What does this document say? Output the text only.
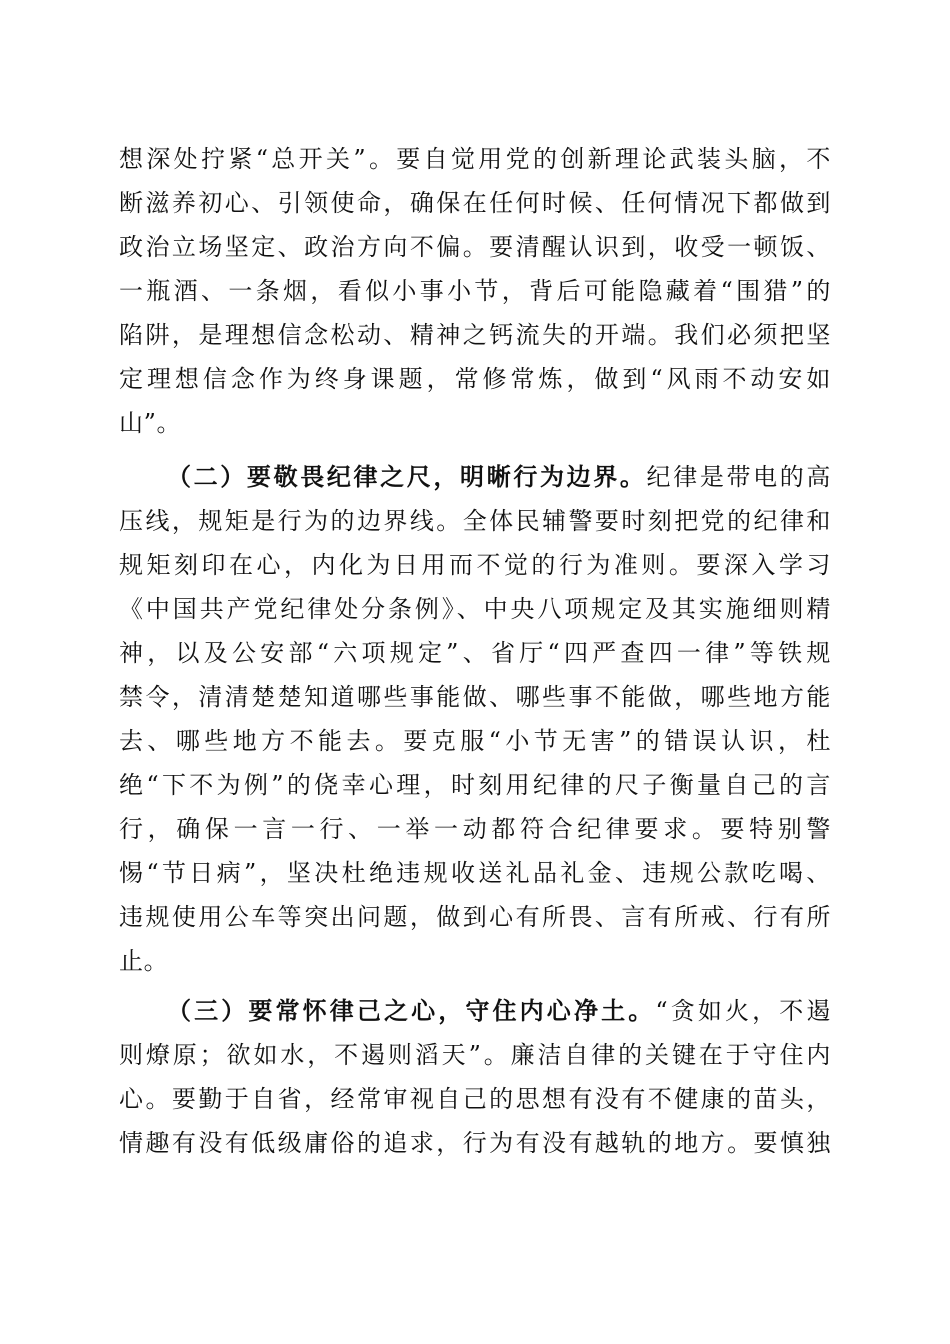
想深处拧紧“总开关”。要自觉用党的创新理论武装头脑，不
断滋养初心、引领使命，确保在任何时候、任何情况下都做到
政治立场坚定、政治方向不偏。要清醒认识到，收受一顿饭、
一瓶酒、一条烟，看似小事小节，背后可能隐藏着“围猎”的
陷阱，是理想信念松动、精神之钙流失的开端。我们必须把坚
定理想信念作为终身课题，常修常炼，做到“风雨不动安如
山”。
（二）要敬畏纪律之尺，明晰行为边界。纪律是带电的高
压线，规矩是行为的边界线。全体民辅警要时刻把党的纪律和
规矩刻印在心，内化为日用而不觉的行为准则。要深入学习
《中国共产党纪律处分条例》、中央八项规定及其实施细则精
神，以及公安部“六项规定”、省厅“四严查四一律”等铁规
禁令，清清楚楚知道哪些事能做、哪些事不能做，哪些地方能
去、哪些地方不能去。要克服“小节无害”的错误认识，杜
绝“下不为例”的侥幸心理，时刻用纪律的尺子衡量自己的言
行，确保一言一行、一举一动都符合纪律要求。要特别警
惕“节日病”，坚决杜绝违规收送礼品礼金、违规公款吃喝、
违规使用公车等突出问题，做到心有所畏、言有所戒、行有所
止。
（三）要常怀律己之心，守住内心净土。“贪如火，不遏
则燎原；欲如水，不遏则滔天”。廉洁自律的关键在于守住内
心。要勤于自省，经常审视自己的思想有没有不健康的苗头，
情趣有没有低级庸俗的追求，行为有没有越轨的地方。要慎独
